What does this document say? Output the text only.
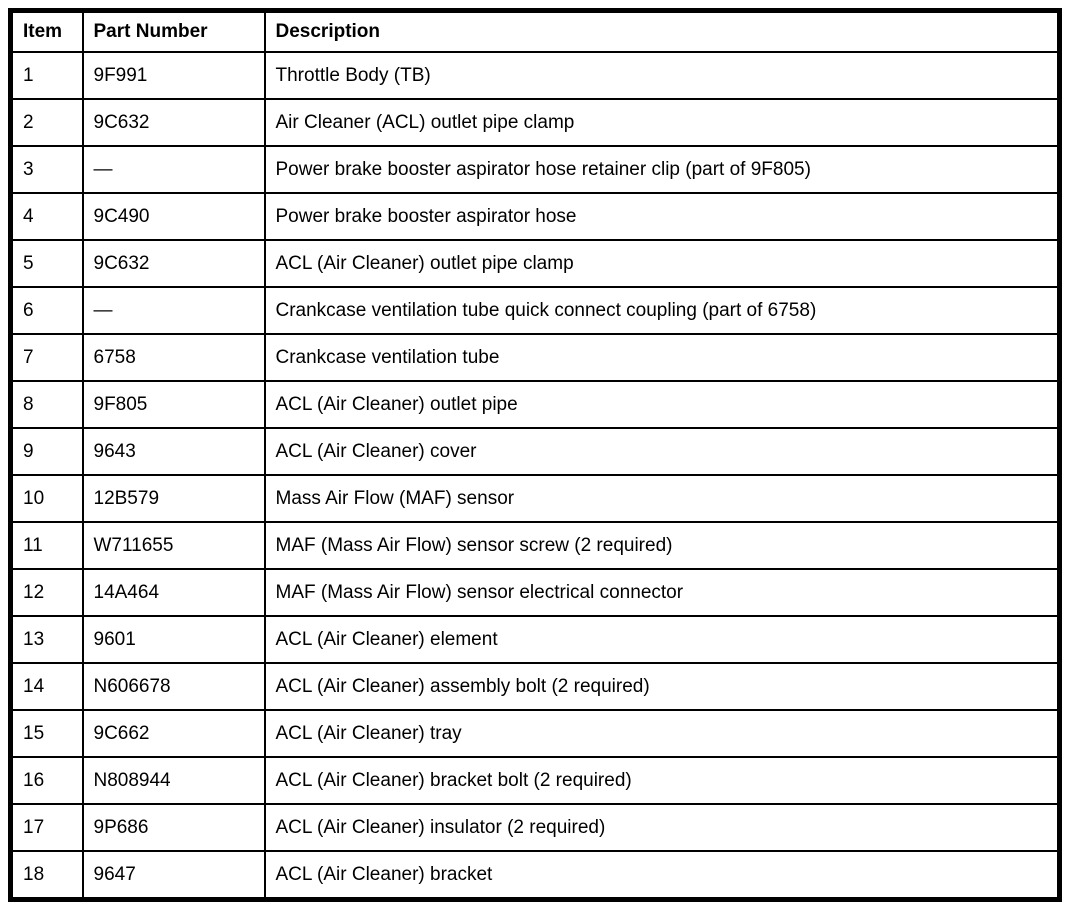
Item	Part Number	Description
1	9F991	Throttle Body (TB)
2	9C632	Air Cleaner (ACL) outlet pipe clamp
3	—	Power brake booster aspirator hose retainer clip (part of 9F805)
4	9C490	Power brake booster aspirator hose
5	9C632	ACL (Air Cleaner) outlet pipe clamp
6	—	Crankcase ventilation tube quick connect coupling (part of 6758)
7	6758	Crankcase ventilation tube
8	9F805	ACL (Air Cleaner) outlet pipe
9	9643	ACL (Air Cleaner) cover
10	12B579	Mass Air Flow (MAF) sensor
11	W711655	MAF (Mass Air Flow) sensor screw (2 required)
12	14A464	MAF (Mass Air Flow) sensor electrical connector
13	9601	ACL (Air Cleaner) element
14	N606678	ACL (Air Cleaner) assembly bolt (2 required)
15	9C662	ACL (Air Cleaner) tray
16	N808944	ACL (Air Cleaner) bracket bolt (2 required)
17	9P686	ACL (Air Cleaner) insulator (2 required)
18	9647	ACL (Air Cleaner) bracket
